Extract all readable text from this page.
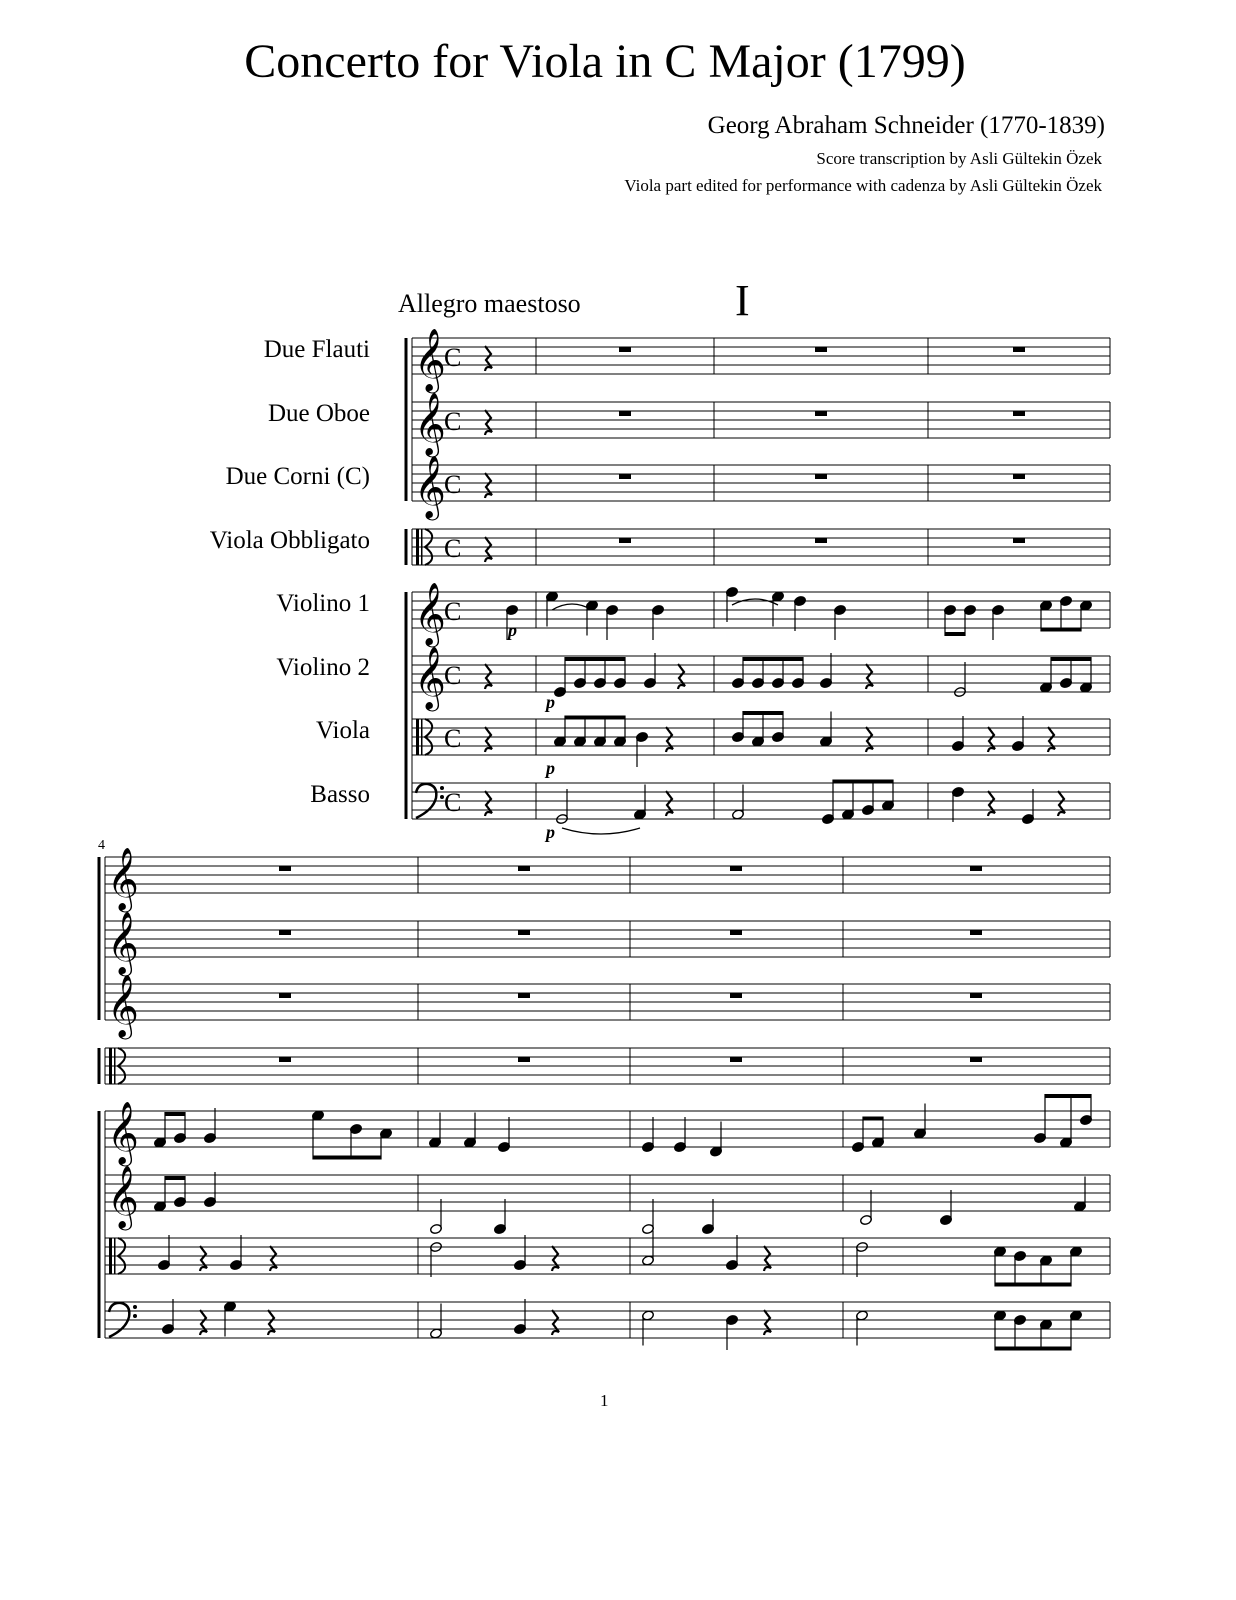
Concerto for Viola in C Major (1799)
Georg Abraham Schneider (1770-1839)
Score transcription by Asli Gültekin Özek
Viola part edited for performance with cadenza by Asli Gültekin Özek
Allegro maestoso	I
Due Flauti
Due Oboe
Due Corni (C)
Viola Obbligato
Violino 1
Violino 2
Viola
Basso
4
1
𝄞
C
𝄞
C
𝄞
C
C
𝄞
C
𝄞
C
C
C
p
p
p
p
𝄞
𝄞
𝄞
𝄞
𝄞
